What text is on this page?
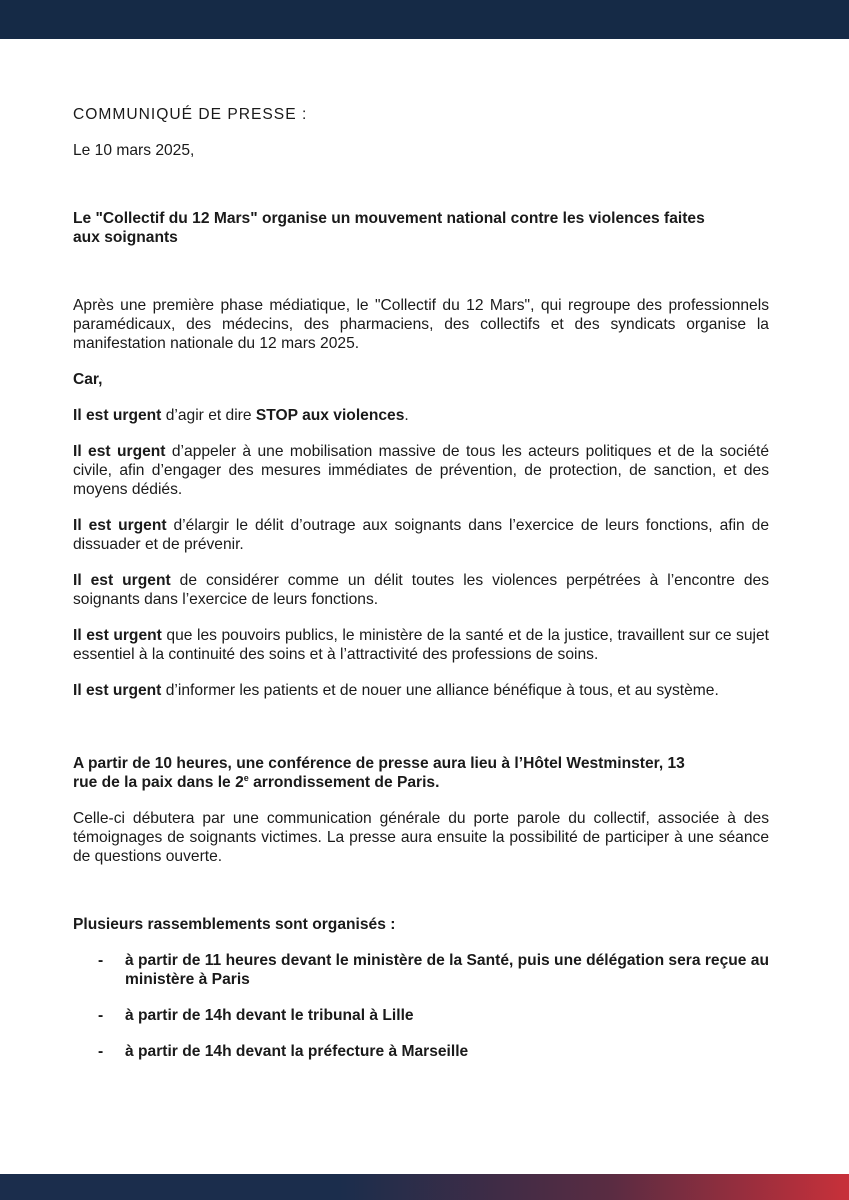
COMMUNIQUÉ DE PRESSE :

Le 10 mars 2025,

Le "Collectif du 12 Mars" organise un mouvement national contre les violences faites
aux soignants

Après une première phase médiatique, le "Collectif du 12 Mars", qui regroupe des professionnels paramédicaux, des médecins, des pharmaciens, des collectifs et des syndicats organise la manifestation nationale du 12 mars 2025.

Car,

Il est urgent d’agir et dire STOP aux violences.

Il est urgent d’appeler à une mobilisation massive de tous les acteurs politiques et de la société civile, afin d’engager des mesures immédiates de prévention, de protection, de sanction, et des moyens dédiés.

Il est urgent d’élargir le délit d’outrage aux soignants dans l’exercice de leurs fonctions, afin de dissuader et de prévenir.

Il est urgent de considérer comme un délit toutes les violences perpétrées à l’encontre des soignants dans l’exercice de leurs fonctions.

Il est urgent que les pouvoirs publics, le ministère de la santé et de la justice, travaillent sur ce sujet essentiel à la continuité des soins et à l’attractivité des professions de soins.

Il est urgent d’informer les patients et de nouer une alliance bénéfique à tous, et au système.

A partir de 10 heures, une conférence de presse aura lieu à l’Hôtel Westminster, 13
rue de la paix dans le 2e arrondissement de Paris.

Celle-ci débutera par une communication générale du porte parole du collectif, associée à des témoignages de soignants victimes. La presse aura ensuite la possibilité de participer à une séance de questions ouverte.

Plusieurs rassemblements sont organisés :

-	à partir de 11 heures devant le ministère de la Santé, puis une délégation sera reçue au ministère à Paris
-	à partir de 14h devant le tribunal à Lille
-	à partir de 14h devant la préfecture à Marseille
